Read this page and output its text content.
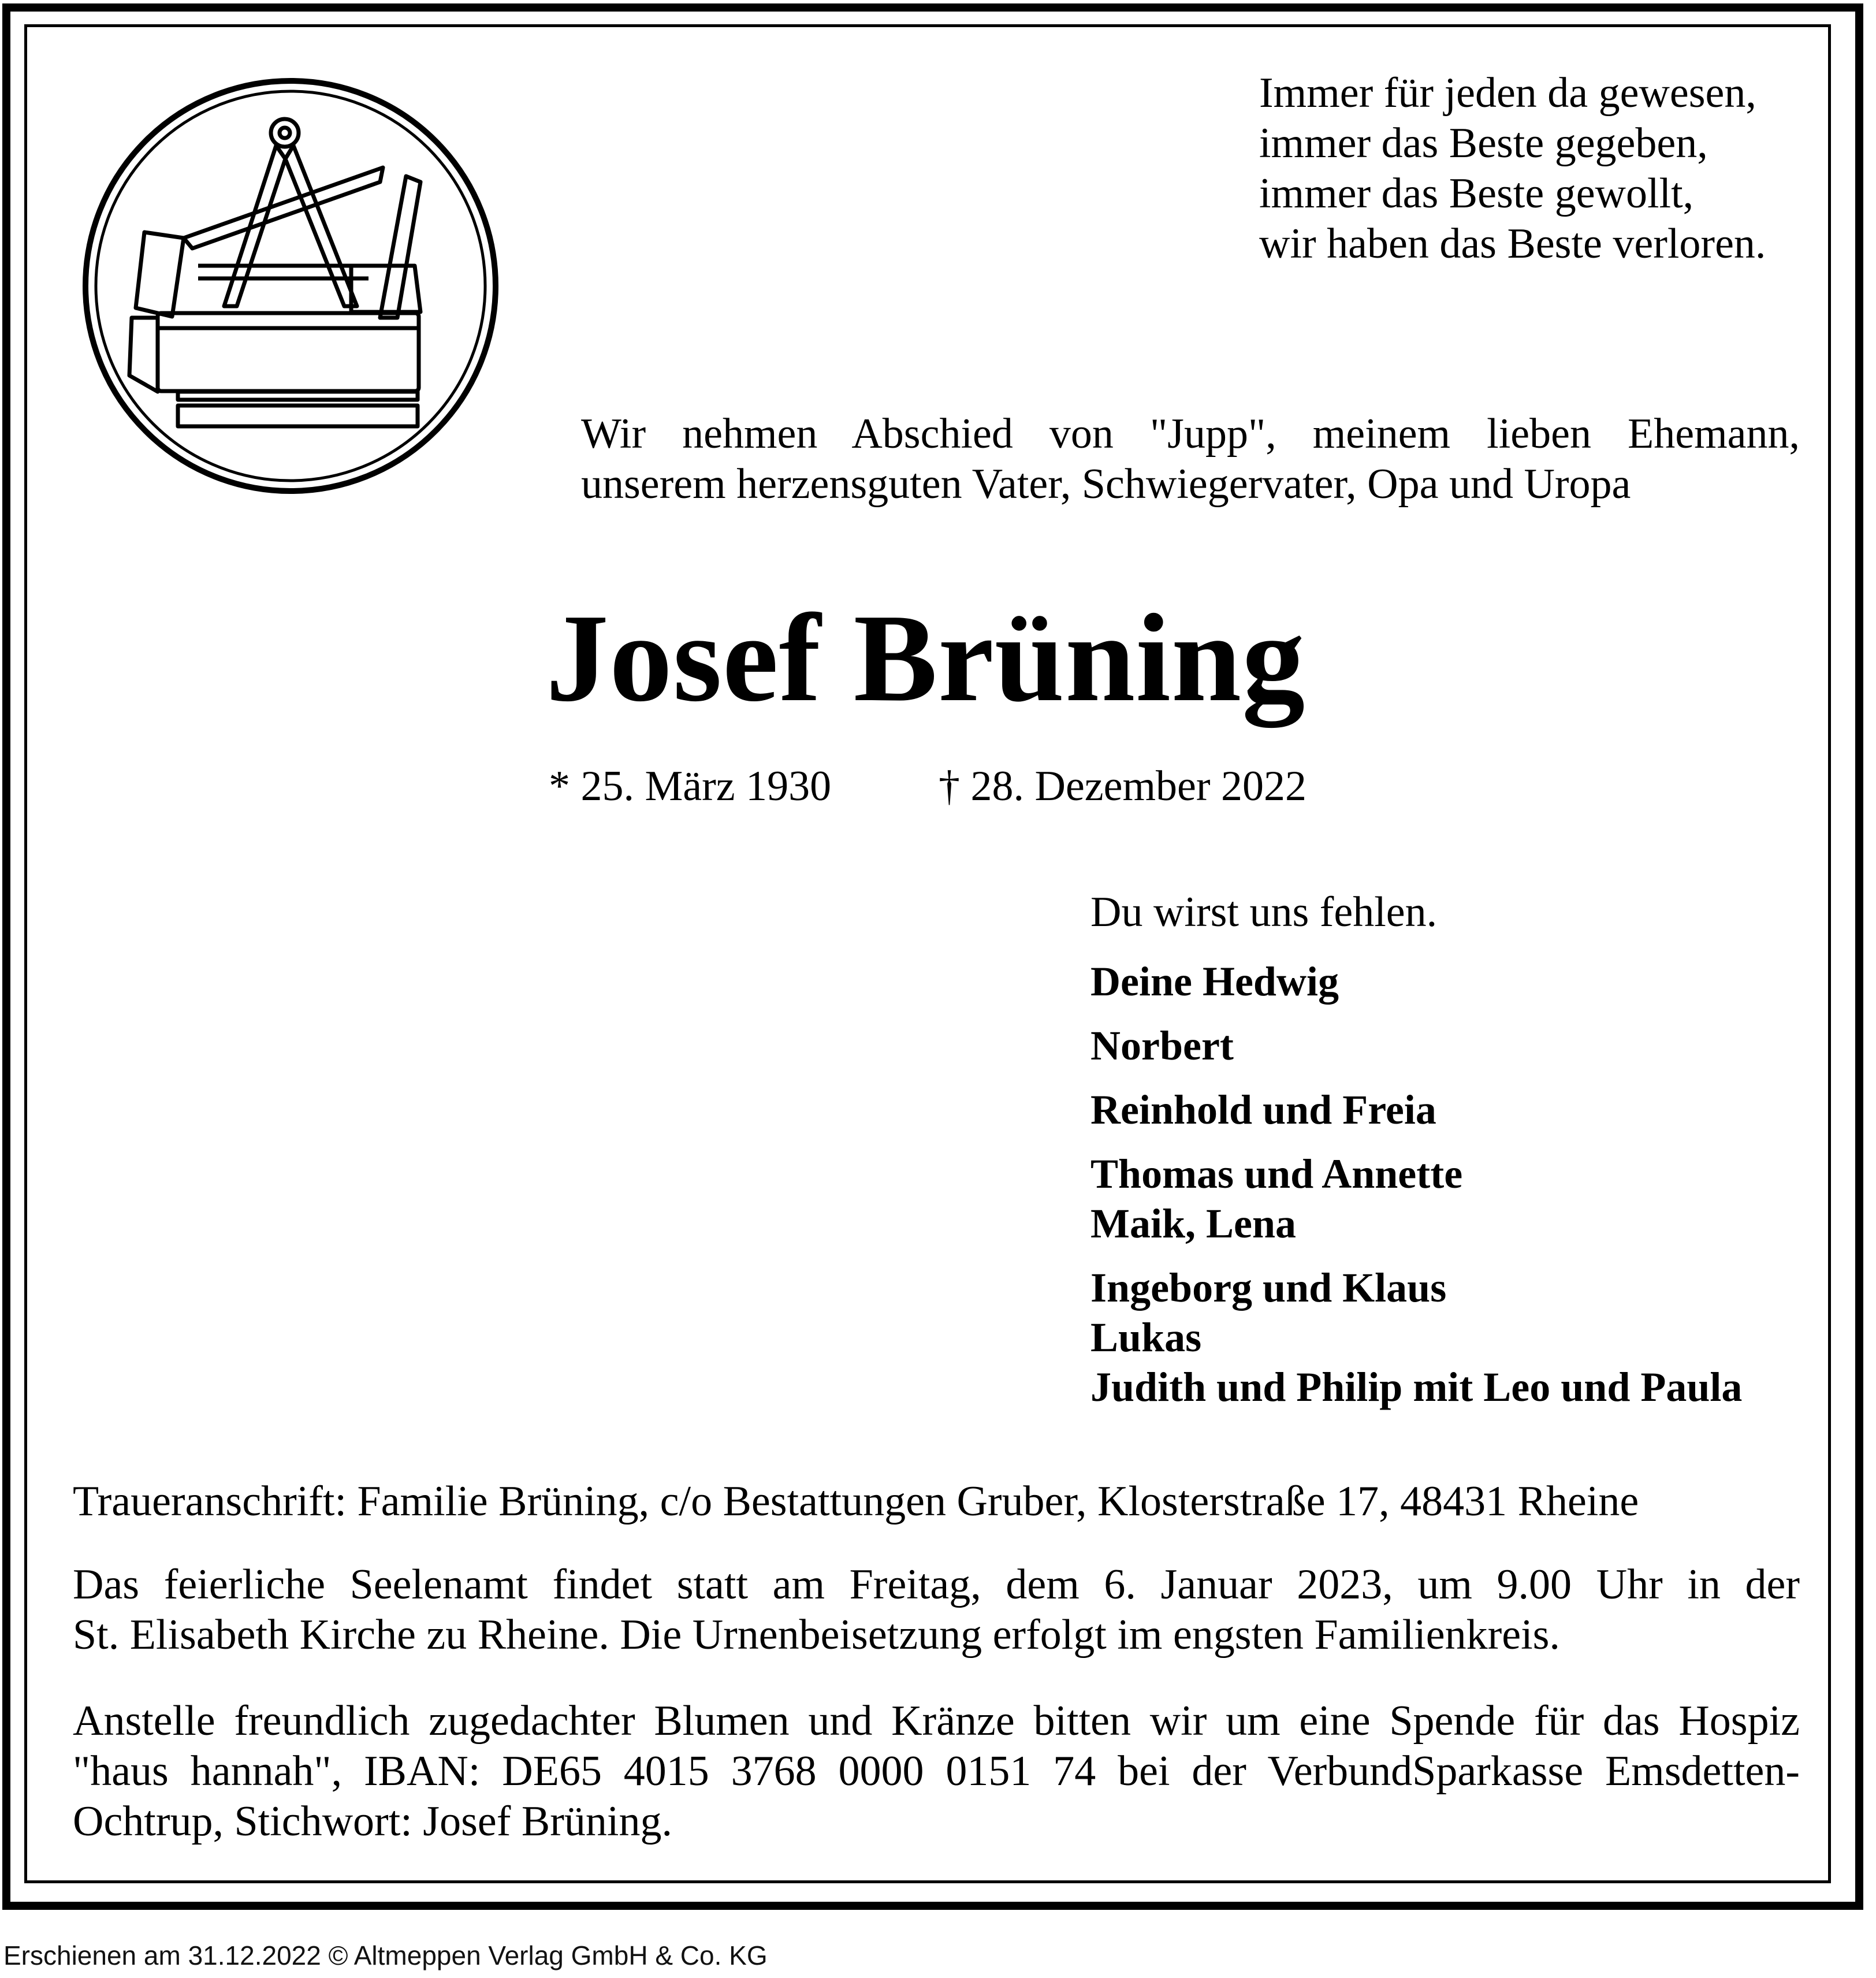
Immer für jeden da gewesen,
immer das Beste gegeben,
immer das Beste gewollt,
wir haben das Beste verloren.
Wir nehmen Abschied von "Jupp", meinem lieben Ehemann,
unserem herzensguten Vater, Schwiegervater, Opa und Uropa
Josef Brüning
* 25. März 1930	† 28. Dezember 2022
Du wirst uns fehlen.
Deine Hedwig
Norbert
Reinhold und Freia
Thomas und Annette
Maik, Lena
Ingeborg und Klaus
Lukas
Judith und Philip mit Leo und Paula
Traueranschrift: Familie Brüning, c/o Bestattungen Gruber, Klosterstraße 17, 48431 Rheine
Das feierliche Seelenamt findet statt am Freitag, dem 6. Januar 2023, um 9.00 Uhr in der
St. Elisabeth Kirche zu Rheine. Die Urnenbeisetzung erfolgt im engsten Familienkreis.
Anstelle freundlich zugedachter Blumen und Kränze bitten wir um eine Spende für das Hospiz
"haus hannah", IBAN: DE65 4015 3768 0000 0151 74 bei der VerbundSparkasse Emsdetten-
Ochtrup, Stichwort: Josef Brüning.
Erschienen am 31.12.2022 © Altmeppen Verlag GmbH & Co. KG
